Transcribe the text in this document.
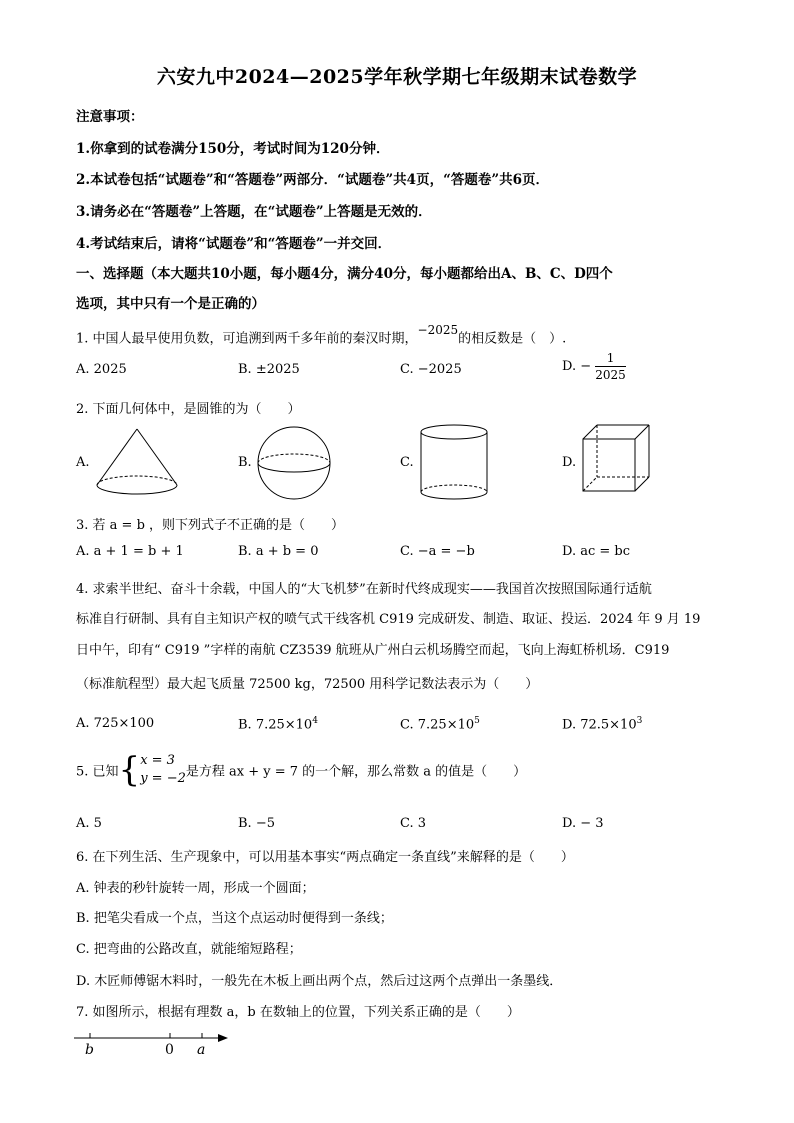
六安九中2024—2025学年秋学期七年级期末试卷数学
注意事项：
1.你拿到的试卷满分150分，考试时间为120分钟．
2.本试卷包括“试题卷”和“答题卷”两部分．“试题卷”共4页，“答题卷”共6页．
3.请务必在“答题卷”上答题，在“试题卷”上答题是无效的．
4.考试结束后，请将“试题卷”和“答题卷”一并交回．
一、选择题（本大题共10小题，每小题4分，满分40分，每小题都给出A、B、C、D四个
选项，其中只有一个是正确的）
1. 中国人最早使用负数，可追溯到两千多年前的秦汉时期，$^{-2025}$的相反数是（　）.
A. 2025	B. ±2025	C. −2025	D. − $\frac{1}{2025}$
2. 下面几何体中，是圆锥的为（　　）
A.	B.	C.	D.
3. 若 a = b ，则下列式子不正确的是（　　）
A. a + 1 = b + 1	B. a + b = 0	C. −a = −b	D. ac = bc
4. 求索半世纪、奋斗十余载，中国人的“大飞机梦”在新时代终成现实——我国首次按照国际通行适航
标准自行研制、具有自主知识产权的喷气式干线客机 C919 完成研发、制造、取证、投运．2024 年 9 月 19
日中午，印有“ C919 ”字样的南航 CZ3539 航班从广州白云机场腾空而起，飞向上海虹桥机场．C919
（标准航程型）最大起飞质量 72500 kg，72500 用科学记数法表示为（　　）
A. 725×100	B. $7.25\times 10^4$	C. $7.25\times 10^5$	D. $72.5\times 10^3$
5. 已知{ x = 3
y = −2 是方程 ax + y = 7 的一个解，那么常数 a 的值是（　　）
A. 5	B. −5	C. 3	D. − 3
6. 在下列生活、生产现象中，可以用基本事实“两点确定一条直线”来解释的是（　　）
A. 钟表的秒针旋转一周，形成一个圆面；
B. 把笔尖看成一个点，当这个点运动时便得到一条线；
C. 把弯曲的公路改直，就能缩短路程；
D. 木匠师傅锯木料时，一般先在木板上画出两个点，然后过这两个点弹出一条墨线．
7. 如图所示，根据有理数 a，b 在数轴上的位置，下列关系正确的是（　　）
b	0 a
